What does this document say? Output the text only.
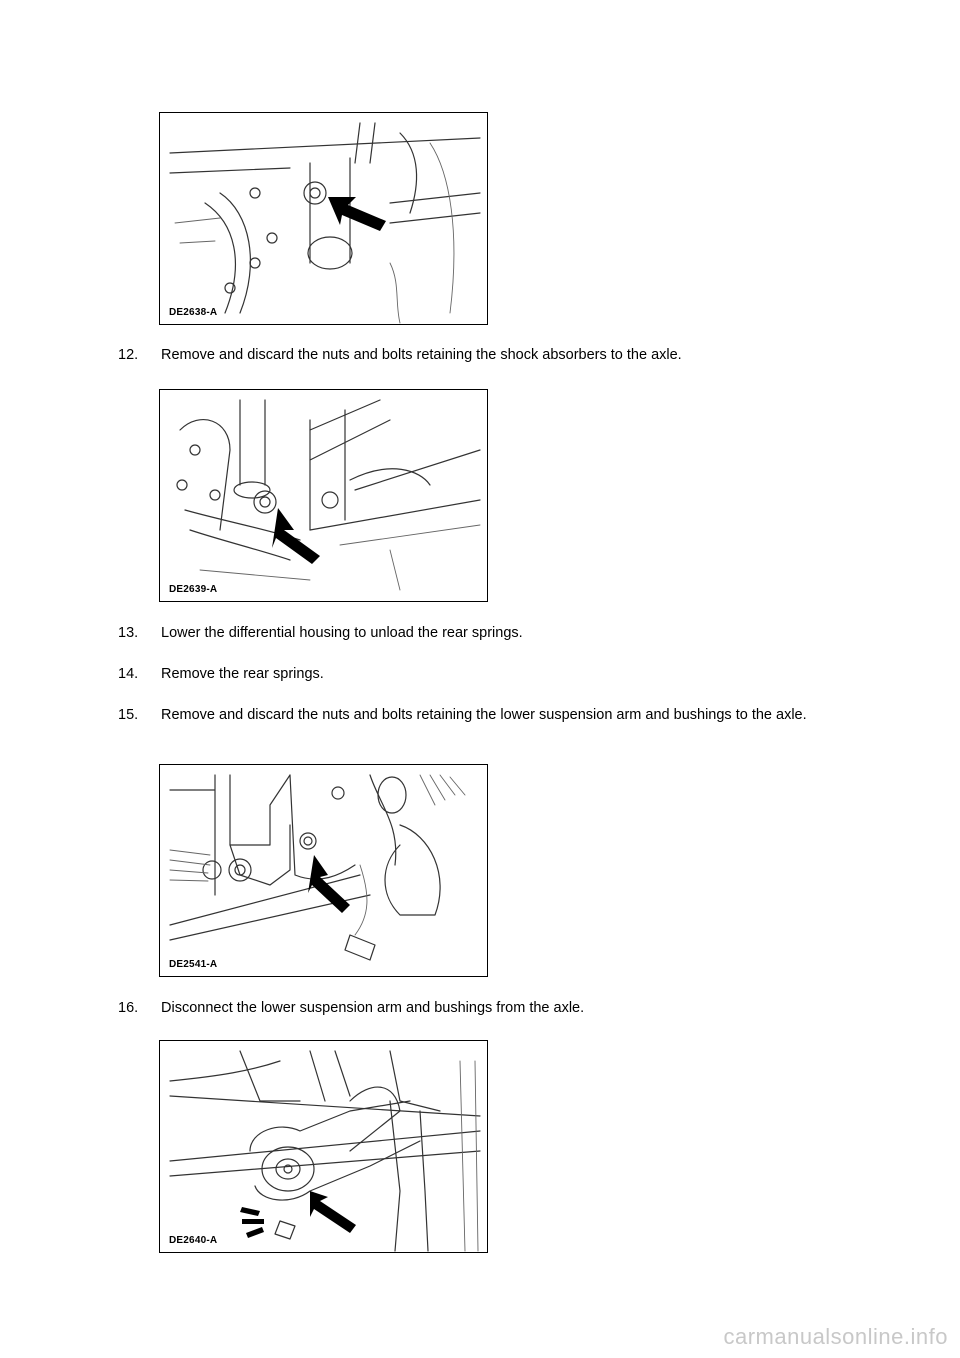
DE2638-A
12. Remove and discard the nuts and bolts retaining the shock absorbers to the axle.
DE2639-A
13. Lower the differential housing to unload the rear springs.
14. Remove the rear springs.
15. Remove and discard the nuts and bolts retaining the lower suspension arm and bushings to the axle.
DE2541-A
16. Disconnect the lower suspension arm and bushings from the axle.
DE2640-A
carmanualsonline.info
